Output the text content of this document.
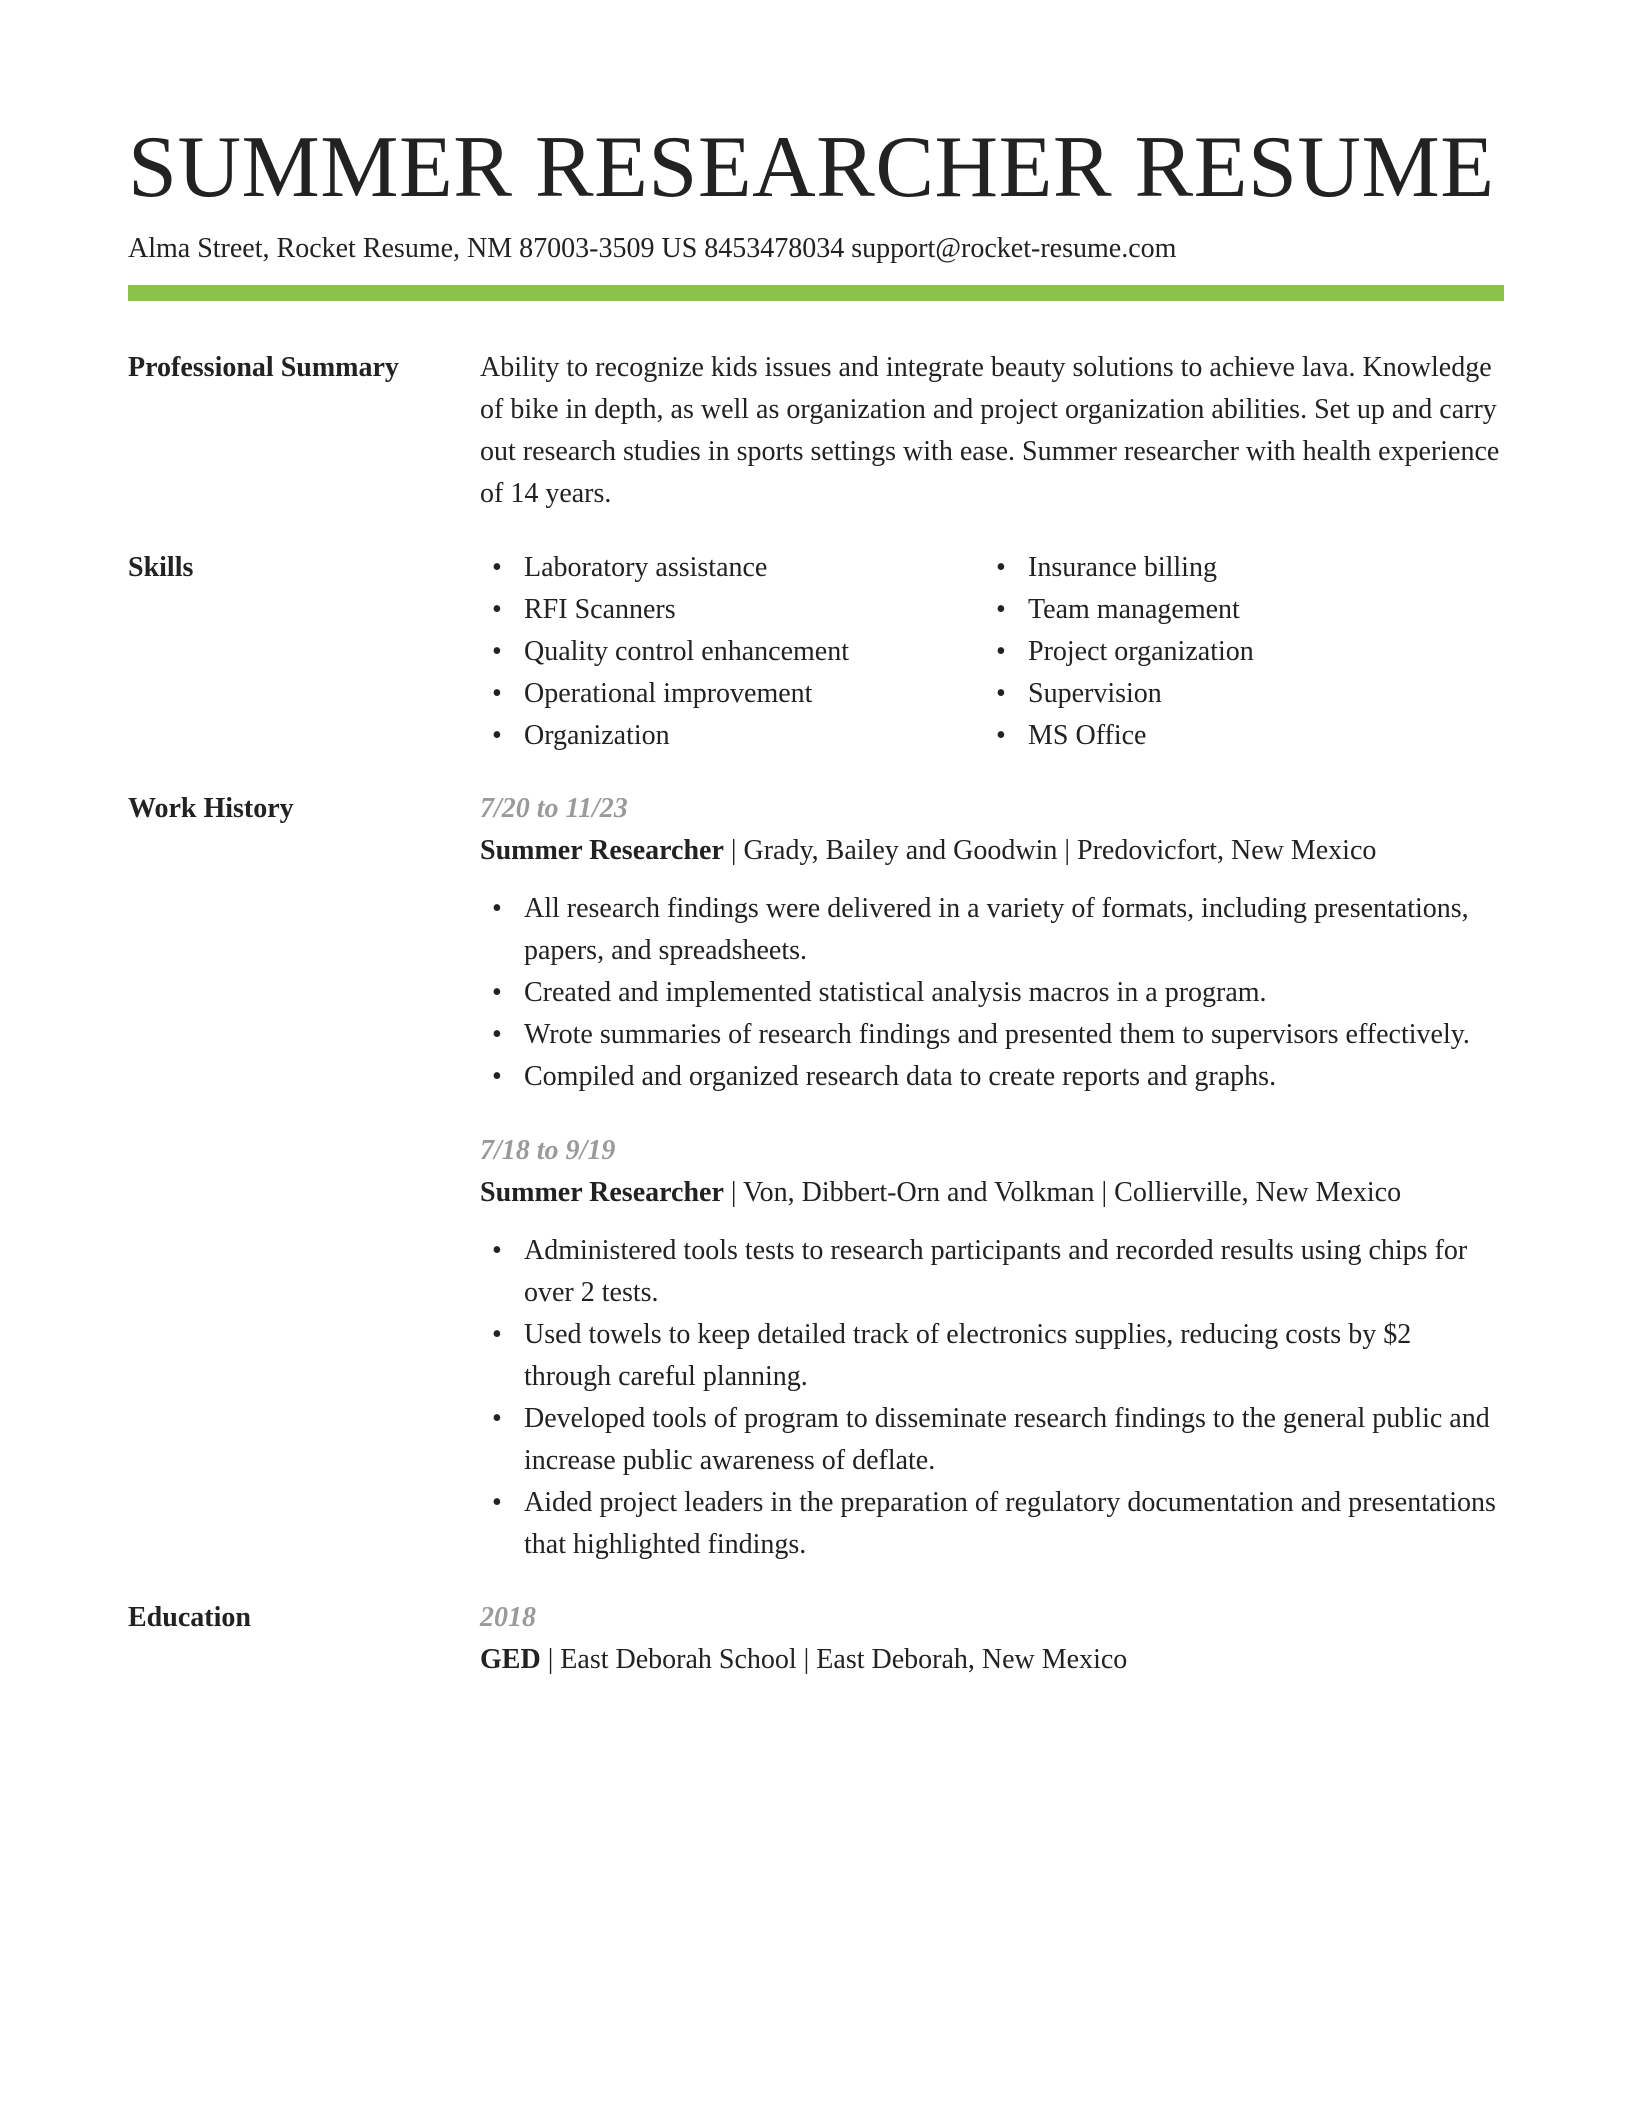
SUMMER RESEARCHER RESUME
Alma Street, Rocket Resume, NM 87003-3509 US 8453478034 support@rocket-resume.com
Professional Summary	Ability to recognize kids issues and integrate beauty solutions to achieve lava. Knowledge of bike in depth, as well as organization and project organization abilities. Set up and carry out research studies in sports settings with ease. Summer researcher with health experience of 14 years.

Skills
•	Laboratory assistance
• RFI Scanners
• Quality control enhancement
• Operational improvement
• Organization
• Insurance billing
• Team management
• Project organization
• Supervision
• MS Office
Work History	7/20 to 11/23
Summer Researcher | Grady, Bailey and Goodwin | Predovicfort, New Mexico
• All research findings were delivered in a variety of formats, including presentations, papers, and spreadsheets.
• Created and implemented statistical analysis macros in a program.
• Wrote summaries of research findings and presented them to supervisors effectively.
• Compiled and organized research data to create reports and graphs.
7/18 to 9/19
Summer Researcher | Von, Dibbert-Orn and Volkman | Collierville, New Mexico
• Administered tools tests to research participants and recorded results using chips for over 2 tests.
• Used towels to keep detailed track of electronics supplies, reducing costs by $2 through careful planning.
• Developed tools of program to disseminate research findings to the general public and increase public awareness of deflate.
• Aided project leaders in the preparation of regulatory documentation and presentations that highlighted findings.
Education	2018
GED | East Deborah School | East Deborah, New Mexico
